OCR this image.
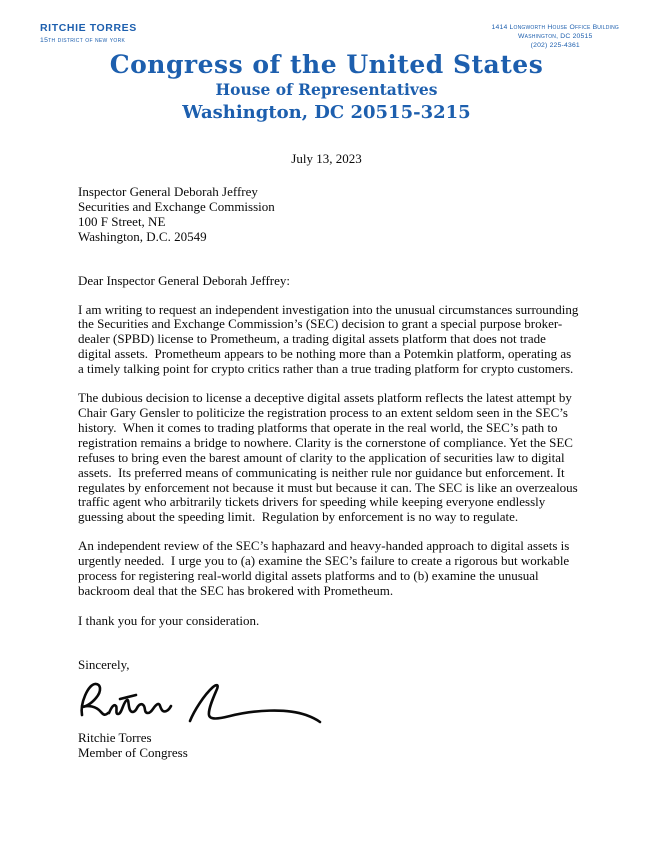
RITCHIE TORRES
15th district of new york
1414 Longworth House Office Building
Washington, DC 20515
(202) 225-4361
Congress of the United States
House of Representatives
Washington, DC 20515-3215
July 13, 2023
Inspector General Deborah Jeffrey
Securities and Exchange Commission
100 F Street, NE
Washington, D.C. 20549
Dear Inspector General Deborah Jeffrey:

I am writing to request an independent investigation into the unusual circumstances surrounding the Securities and Exchange Commission’s (SEC) decision to grant a special purpose broker-dealer (SPBD) license to Prometheum, a trading digital assets platform that does not trade digital assets.  Prometheum appears to be nothing more than a Potemkin platform, operating as a timely talking point for crypto critics rather than a true trading platform for crypto customers.

The dubious decision to license a deceptive digital assets platform reflects the latest attempt by Chair Gary Gensler to politicize the registration process to an extent seldom seen in the SEC’s history.  When it comes to trading platforms that operate in the real world, the SEC’s path to registration remains a bridge to nowhere. Clarity is the cornerstone of compliance. Yet the SEC refuses to bring even the barest amount of clarity to the application of securities law to digital assets.  Its preferred means of communicating is neither rule nor guidance but enforcement. It regulates by enforcement not because it must but because it can. The SEC is like an overzealous traffic agent who arbitrarily tickets drivers for speeding while keeping everyone endlessly guessing about the speeding limit.  Regulation by enforcement is no way to regulate.

An independent review of the SEC’s haphazard and heavy-handed approach to digital assets is urgently needed.  I urge you to (a) examine the SEC’s failure to create a rigorous but workable process for registering real-world digital assets platforms and to (b) examine the unusual backroom deal that the SEC has brokered with Prometheum.

I thank you for your consideration.
Sincerely,
Ritchie Torres
Member of Congress
